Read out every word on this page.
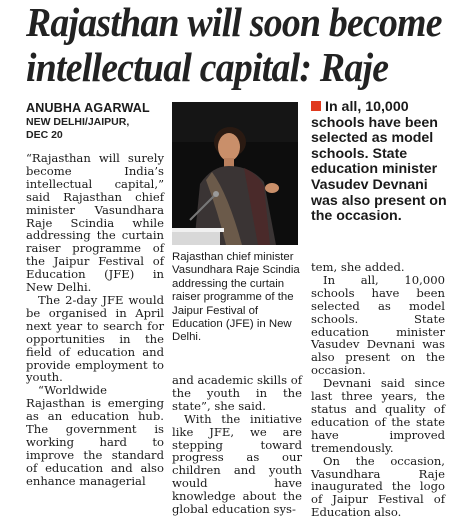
Rajasthan will soon become
intellectual capital: Raje
ANUBHA AGARWAL
NEW DELHI/JAIPUR,
DEC 20

“Rajasthan will surely become India’s intellectual capital,” said Rajasthan chief minister Vasundhara Raje Scindia while addressing the curtain raiser programme of the Jaipur Festival of Education (JFE) in New Delhi.

The 2-day JFE would be organised in April next year to search for opportunities in the field of education and provide employment to youth.

“Worldwide Rajasthan is emerging as an education hub. The government is working hard to improve the standard of education and also enhance managerial

Rajasthan chief minister Vasundhara Raje Scindia addressing the curtain raiser programme of the Jaipur Festival of Education (JFE) in New Delhi.

and academic skills of the youth in the state”, she said.

With the initiative like JFE, we are stepping toward progress as our children and youth would have knowledge about the global education sys-

In all, 10,000 schools have been selected as model schools. State education minister Vasudev Devnani was also present on the occasion.

tem, she added.

In all, 10,000 schools have been selected as model schools. State education minister Vasudev Devnani was also present on the occasion.

Devnani said since last three years, the status and quality of education of the state have improved tremendously.

On the occasion, Vasundhara Raje inaugurated the logo of Jaipur Festival of Education also.
